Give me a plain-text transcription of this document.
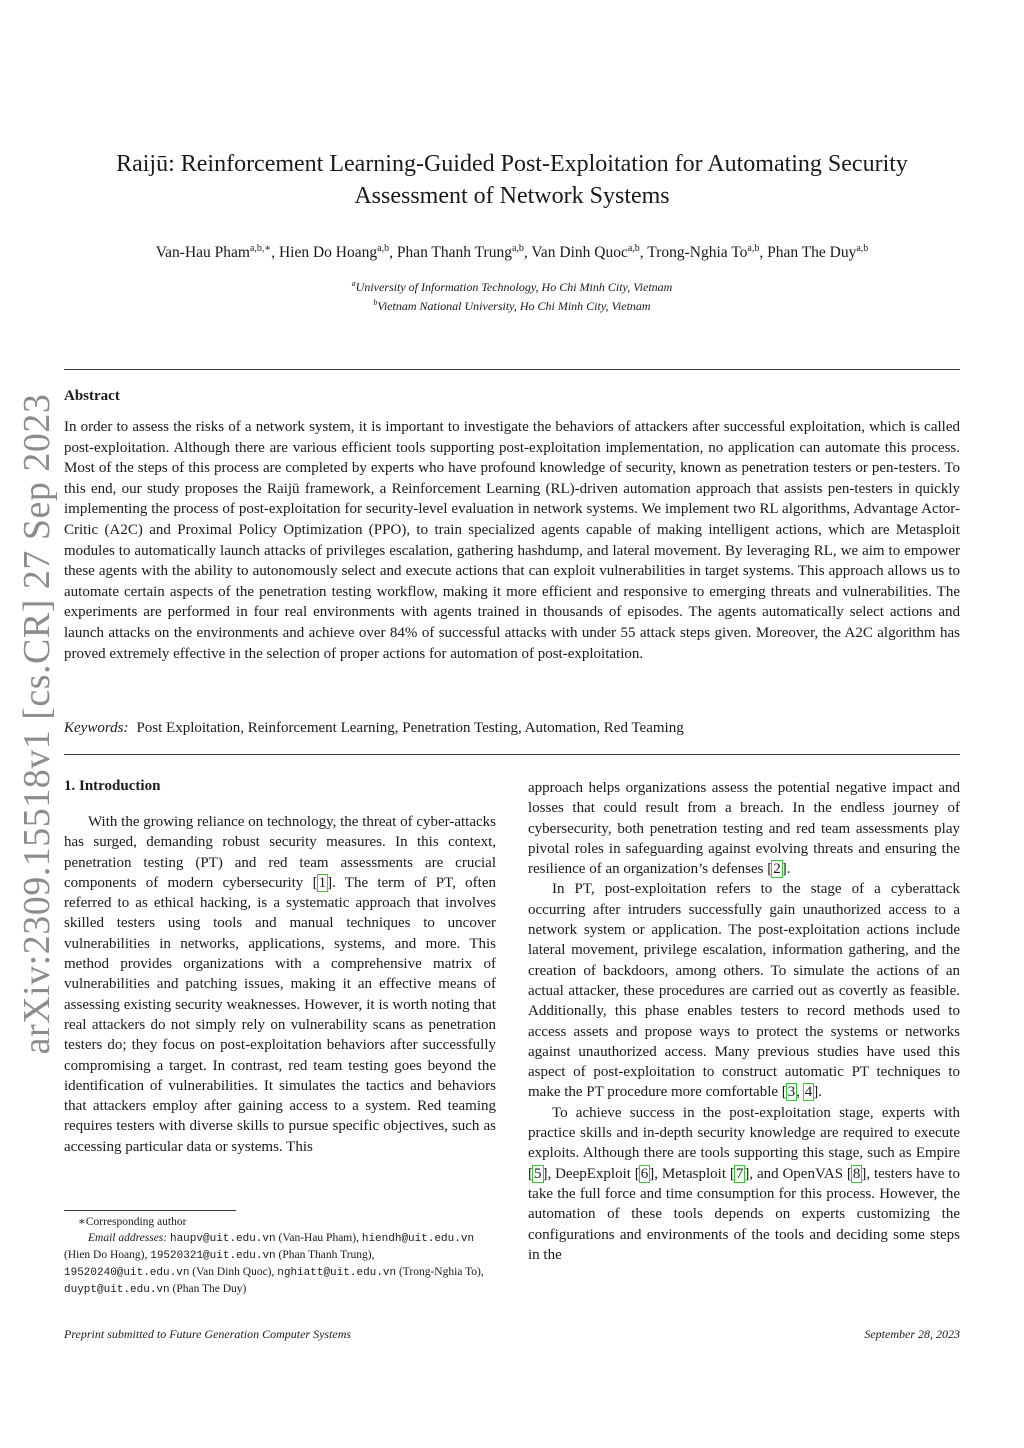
arXiv:2309.15518v1 [cs.CR] 27 Sep 2023
Raijū: Reinforcement Learning-Guided Post-Exploitation for Automating Security
Assessment of Network Systems
Van-Hau Pham$^{a,b,∗}$, Hien Do Hoang$^{a,b}$, Phan Thanh Trung$^{a,b}$, Van Dinh Quoc$^{a,b}$, Trong-Nghia To$^{a,b}$, Phan The Duy$^{a,b}$
$^a$University of Information Technology, Ho Chi Minh City, Vietnam
$^b$Vietnam National University, Ho Chi Minh City, Vietnam
Abstract

In order to assess the risks of a network system, it is important to investigate the behaviors of attackers after successful exploitation, which is called post-exploitation. Although there are various efficient tools supporting post-exploitation implementation, no application can automate this process. Most of the steps of this process are completed by experts who have profound knowledge of security, known as penetration testers or pen-testers. To this end, our study proposes the Raijū framework, a Reinforcement Learning (RL)-driven automation approach that assists pen-testers in quickly implementing the process of post-exploitation for security-level evaluation in network systems. We implement two RL algorithms, Advantage Actor-Critic (A2C) and Proximal Policy Optimization (PPO), to train specialized agents capable of making intelligent actions, which are Metasploit modules to automatically launch attacks of privileges escalation, gathering hashdump, and lateral movement. By leveraging RL, we aim to empower these agents with the ability to autonomously select and execute actions that can exploit vulnerabilities in target systems. This approach allows us to automate certain aspects of the penetration testing workflow, making it more efficient and responsive to emerging threats and vulnerabilities. The experiments are performed in four real environments with agents trained in thousands of episodes. The agents automatically select actions and launch attacks on the environments and achieve over 84% of successful attacks with under 55 attack steps given. Moreover, the A2C algorithm has proved extremely effective in the selection of proper actions for automation of post-exploitation.

Keywords: Post Exploitation, Reinforcement Learning, Penetration Testing, Automation, Red Teaming
1. Introduction

With the growing reliance on technology, the threat of cyber-attacks has surged, demanding robust security measures. In this context, penetration testing (PT) and red team assessments are crucial components of modern cybersecurity [1]. The term of PT, often referred to as ethical hacking, is a systematic approach that involves skilled testers using tools and manual techniques to uncover vulnerabilities in networks, applications, systems, and more. This method provides organizations with a comprehensive matrix of vulnerabilities and patching issues, making it an effective means of assessing existing security weaknesses. However, it is worth noting that real attackers do not simply rely on vulnerability scans as penetration testers do; they focus on post-exploitation behaviors after successfully compromising a target. In contrast, red team testing goes beyond the identification of vulnerabilities. It simulates the tactics and behaviors that attackers employ after gaining access to a system. Red teaming requires testers with diverse skills to pursue specific objectives, such as accessing particular data or systems. This

∗Corresponding author

Email addresses: haupv@uit.edu.vn (Van-Hau Pham), hiendh@uit.edu.vn (Hien Do Hoang), 19520321@uit.edu.vn (Phan Thanh Trung), 19520240@uit.edu.vn (Van Dinh Quoc), nghiatt@uit.edu.vn (Trong-Nghia To), duypt@uit.edu.vn (Phan The Duy)

approach helps organizations assess the potential negative impact and losses that could result from a breach. In the endless journey of cybersecurity, both penetration testing and red team assessments play pivotal roles in safeguarding against evolving threats and ensuring the resilience of an organization’s defenses [2].

In PT, post-exploitation refers to the stage of a cyberattack occurring after intruders successfully gain unauthorized access to a network system or application. The post-exploitation actions include lateral movement, privilege escalation, information gathering, and the creation of backdoors, among others. To simulate the actions of an actual attacker, these procedures are carried out as covertly as feasible. Additionally, this phase enables testers to record methods used to access assets and propose ways to protect the systems or networks against unauthorized access. Many previous studies have used this aspect of post-exploitation to construct automatic PT techniques to make the PT procedure more comfortable [3, 4].

To achieve success in the post-exploitation stage, experts with practice skills and in-depth security knowledge are required to execute exploits. Although there are tools supporting this stage, such as Empire [5], DeepExploit [6], Metasploit [7], and OpenVAS [8], testers have to take the full force and time consumption for this process. However, the automation of these tools depends on experts customizing the configurations and environments of the tools and deciding some steps in the

Preprint submitted to Future Generation Computer Systems	September 28, 2023
